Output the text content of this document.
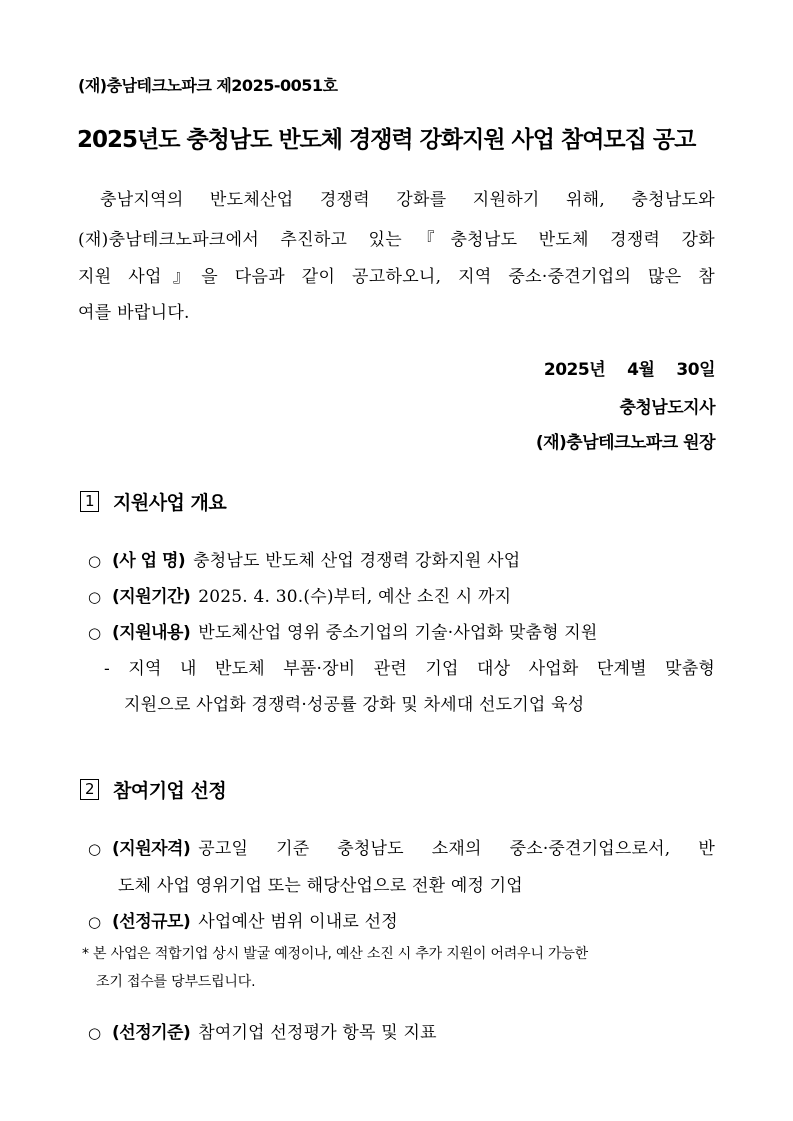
(재)충남테크노파크 제2025-0051호
2025년도 충청남도 반도체 경쟁력 강화지원 사업 참여모집 공고
충남지역의 반도체산업 경쟁력 강화를 지원하기 위해, 충청남도와
(재)충남테크노파크에서 추진하고 있는『충청남도 반도체 경쟁력 강화
지원 사업』을 다음과 같이 공고하오니, 지역 중소·중견기업의 많은 참
여를 바랍니다.
2025년 4월 30일
충청남도지사
(재)충남테크노파크 원장
1 지원사업 개요
○ (사 업 명) 충청남도 반도체 산업 경쟁력 강화지원 사업
○ (지원기간) 2025. 4. 30.(수)부터, 예산 소진 시 까지
○ (지원내용) 반도체산업 영위 중소기업의 기술·사업화 맞춤형 지원
- 지역 내 반도체 부품·장비 관련 기업 대상 사업화 단계별 맞춤형
지원으로 사업화 경쟁력·성공률 강화 및 차세대 선도기업 육성
2 참여기업 선정
○ (지원자격) 공고일 기준 충청남도 소재의 중소·중견기업으로서, 반
도체 사업 영위기업 또는 해당산업으로 전환 예정 기업
○ (선정규모) 사업예산 범위 이내로 선정
* 본 사업은 적합기업 상시 발굴 예정이나, 예산 소진 시 추가 지원이 어려우니 가능한
조기 접수를 당부드립니다.
○ (선정기준) 참여기업 선정평가 항목 및 지표
